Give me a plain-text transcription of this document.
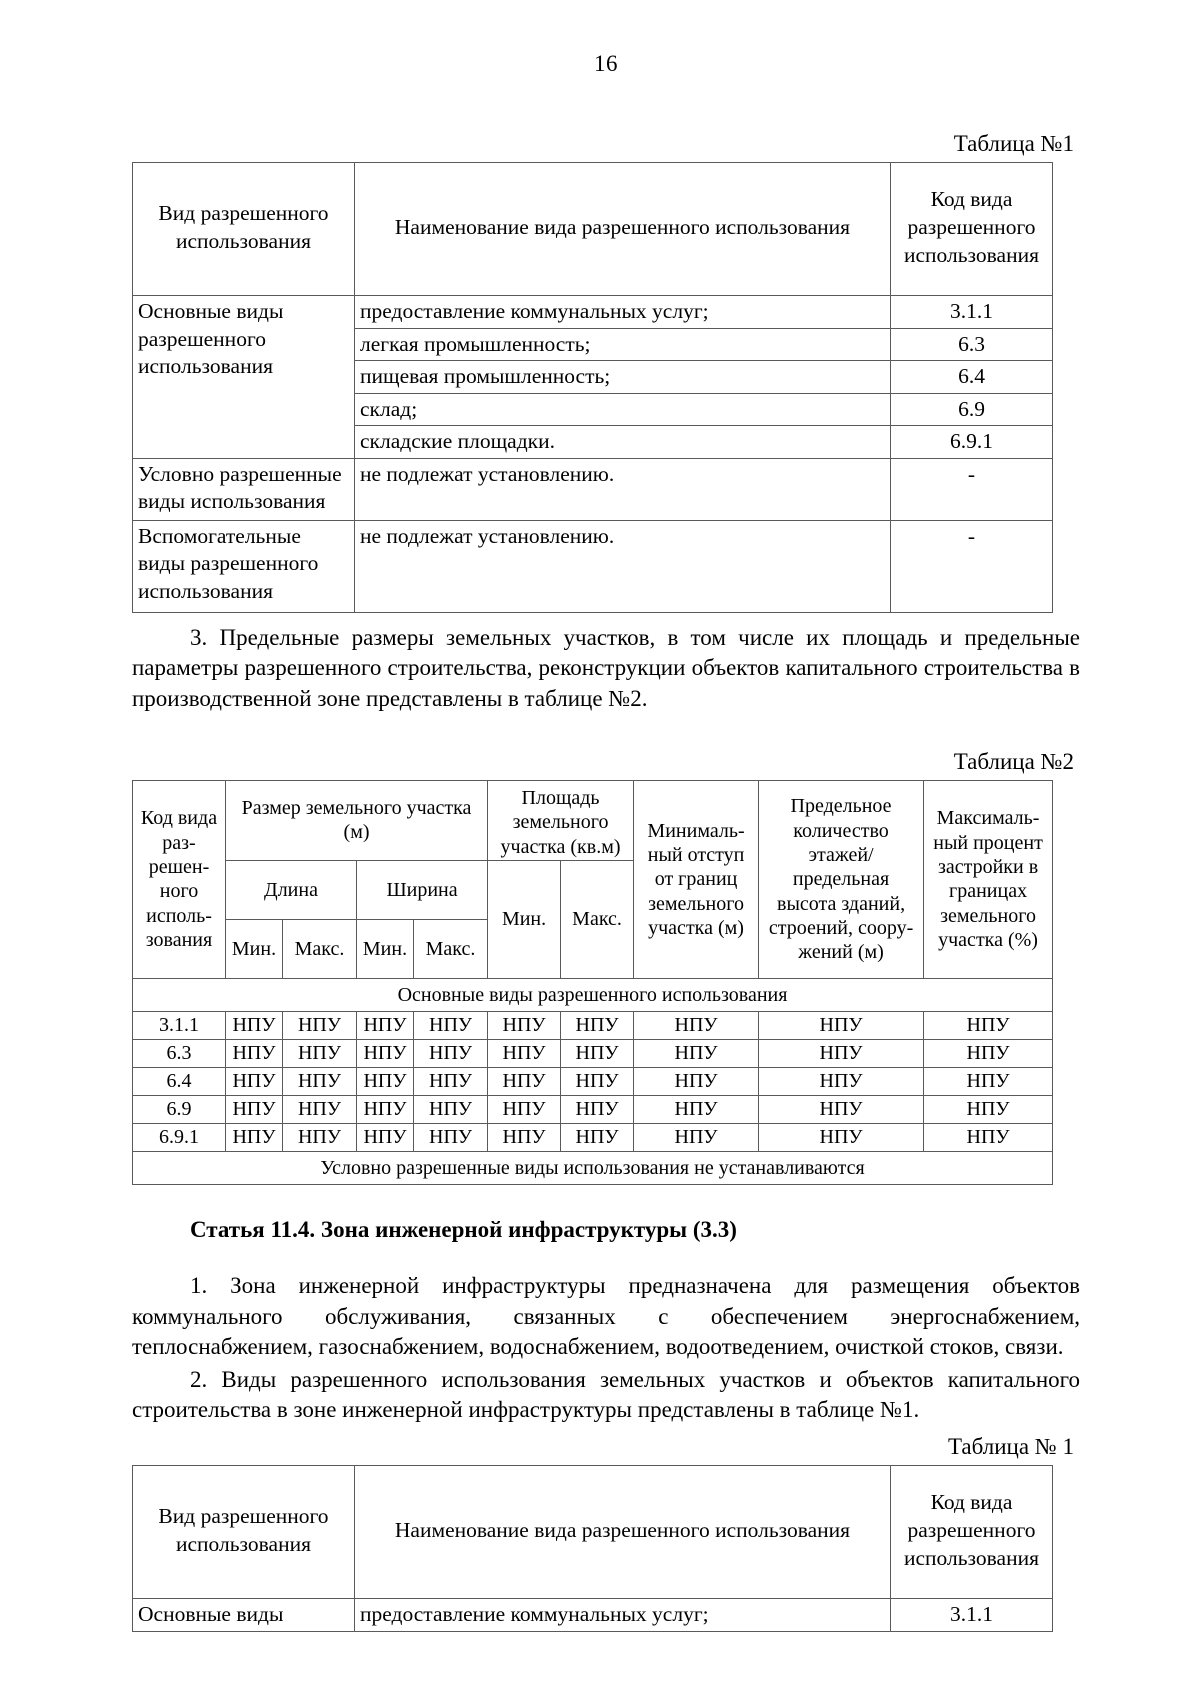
16
Таблица №1
Вид разрешенного использования	Наименование вида разрешенного использования	Код вида разрешенного использования
Основные виды разрешенного использования	предоставление коммунальных услуг;	3.1.1
	легкая промышленность;	6.3
	пищевая промышленность;	6.4
	склад;	6.9
	складские площадки.	6.9.1
Условно разрешенные виды использования	не подлежат установлению.	-
Вспомогательные виды разрешенного использования	не подлежат установлению.	-

3. Предельные размеры земельных участков, в том числе их площадь и предельные параметры разрешенного строительства, реконструкции объектов капитального строительства в производственной зоне представлены в таблице №2.

Таблица №2
Код вида раз-решен-ного исполь-зования	Размер земельного участка (м)				Площадь земельного участка (кв.м)		Минималь-ный отступ от границ земельного участка (м)	Предельное количество этажей/ предельная высота зданий, строений, соору-жений (м)	Максималь-ный процент застройки в границах земельного участка (%)
	Длина		Ширина		Мин.	Макс.			
	Мин.	Макс.	Мин.	Макс.					
Основные виды разрешенного использования									
3.1.1	НПУ	НПУ	НПУ	НПУ	НПУ	НПУ	НПУ	НПУ	НПУ
6.3	НПУ	НПУ	НПУ	НПУ	НПУ	НПУ	НПУ	НПУ	НПУ
6.4	НПУ	НПУ	НПУ	НПУ	НПУ	НПУ	НПУ	НПУ	НПУ
6.9	НПУ	НПУ	НПУ	НПУ	НПУ	НПУ	НПУ	НПУ	НПУ
6.9.1	НПУ	НПУ	НПУ	НПУ	НПУ	НПУ	НПУ	НПУ	НПУ
Условно разрешенные виды использования не устанавливаются									
Статья 11.4. Зона инженерной инфраструктуры (3.3)

1. Зона инженерной инфраструктуры предназначена для размещения объектов коммунального обслуживания, связанных с обеспечением энергоснабжением, теплоснабжением, газоснабжением, водоснабжением, водоотведением, очисткой стоков, связи.

2. Виды разрешенного использования земельных участков и объектов капитального строительства в зоне инженерной инфраструктуры представлены в таблице №1.

Таблица № 1
Вид разрешенного использования	Наименование вида разрешенного использования	Код вида разрешенного использования
Основные виды	предоставление коммунальных услуг;	3.1.1
